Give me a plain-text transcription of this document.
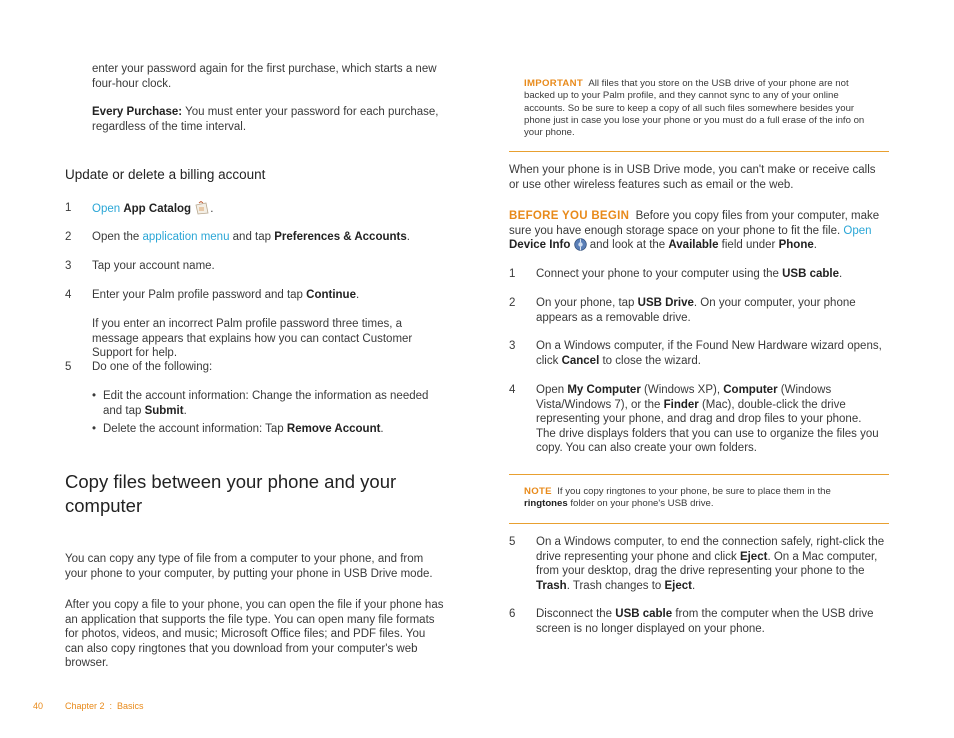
enter your password again for the first purchase, which starts a new four-hour clock.
Every Purchase: You must enter your password for each purchase, regardless of the time interval.
Update or delete a billing account
1	Open App Catalog .
2	Open the application menu and tap Preferences & Accounts.
3	Tap your account name.
4	Enter your Palm profile password and tap Continue.
If you enter an incorrect Palm profile password three times, a message appears that explains how you can contact Customer Support for help.
5	Do one of the following:
• Edit the account information: Change the information as needed and tap Submit.
• Delete the account information: Tap Remove Account.
Copy files between your phone and your computer
You can copy any type of file from a computer to your phone, and from your phone to your computer, by putting your phone in USB Drive mode.
After you copy a file to your phone, you can open the file if your phone has an application that supports the file type. You can open many file formats for photos, videos, and music; Microsoft Office files; and PDF files. You can also copy ringtones that you download from your computer's web browser.
IMPORTANT All files that you store on the USB drive of your phone are not backed up to your Palm profile, and they cannot sync to any of your online accounts. So be sure to keep a copy of all such files somewhere besides your phone just in case you lose your phone or you must do a full erase of the info on your phone.
When your phone is in USB Drive mode, you can't make or receive calls or use other wireless features such as email or the web.
BEFORE YOU BEGIN Before you copy files from your computer, make sure you have enough storage space on your phone to fit the file. Open Device Info  and look at the Available field under Phone.
1	Connect your phone to your computer using the USB cable.
2	On your phone, tap USB Drive. On your computer, your phone appears as a removable drive.
3	On a Windows computer, if the Found New Hardware wizard opens, click Cancel to close the wizard.
4	Open My Computer (Windows XP), Computer (Windows Vista/Windows 7), or the Finder (Mac), double-click the drive representing your phone, and drag and drop files to your phone. The drive displays folders that you can use to organize the files you copy. You can also create your own folders.
NOTE If you copy ringtones to your phone, be sure to place them in the ringtones folder on your phone's USB drive.
5	On a Windows computer, to end the connection safely, right-click the drive representing your phone and click Eject. On a Mac computer, from your desktop, drag the drive representing your phone to the Trash. Trash changes to Eject.
6	Disconnect the USB cable from the computer when the USB drive screen is no longer displayed on your phone.
40 Chapter 2  :  Basics
